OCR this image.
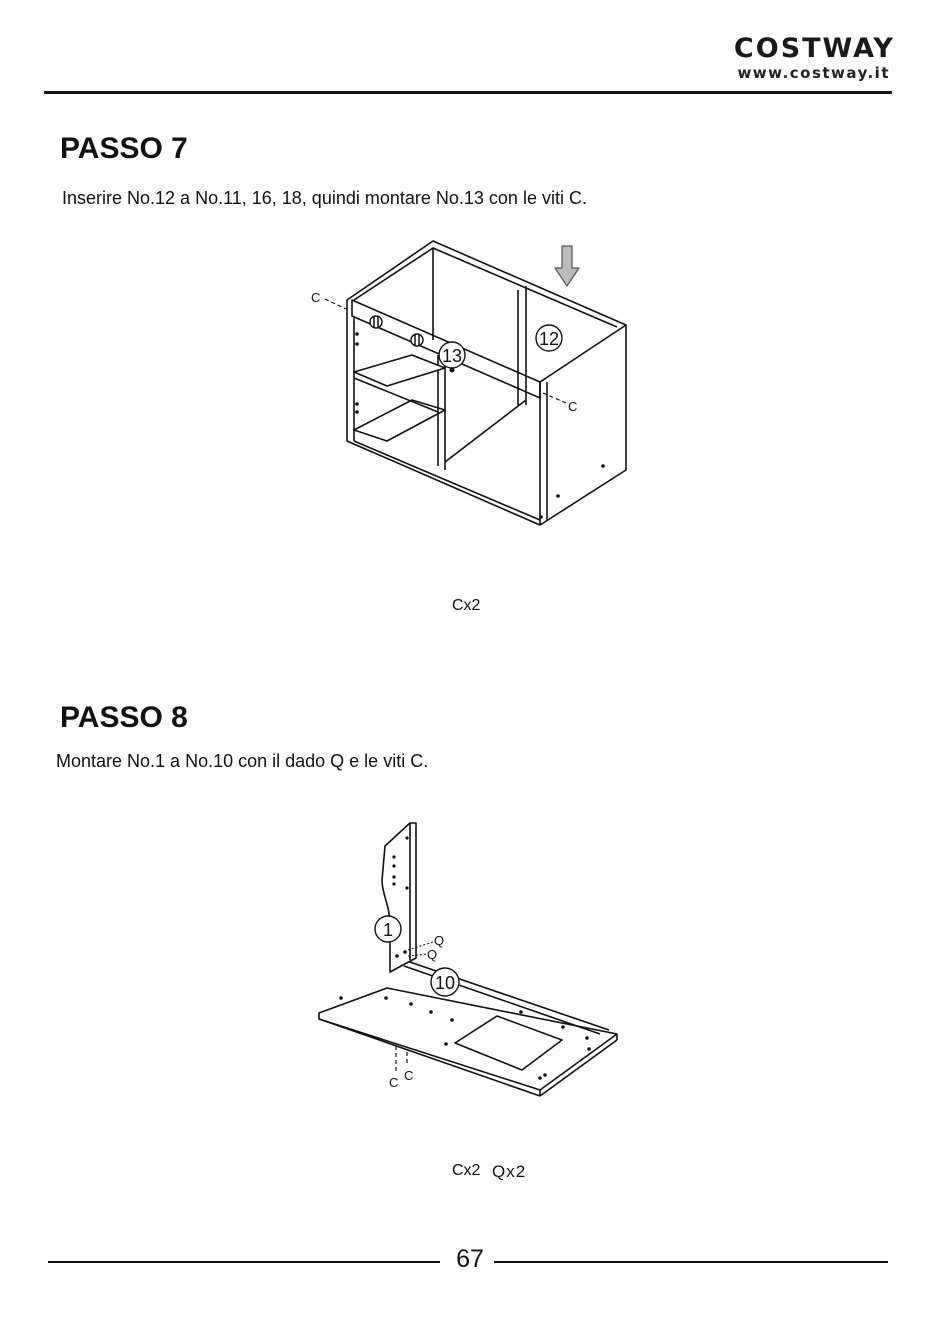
COSTWAY
www.costway.it
PASSO 7
Inserire No.12 a No.11, 16, 18, quindi montare No.13 con le viti C.
12
13
C
C
Cx2
PASSO 8
Montare No.1 a No.10 con il dado Q e le viti C.
1
10
Q
Q
C C
Cx2 Qx2
67
